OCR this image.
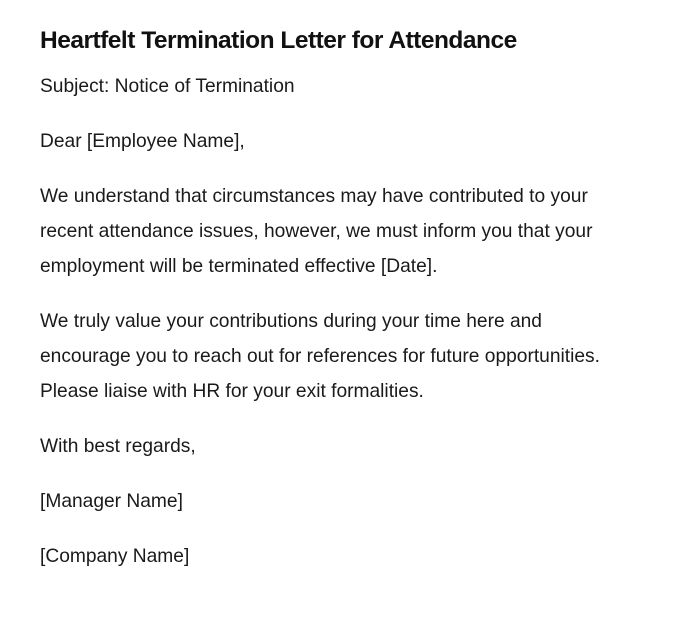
Heartfelt Termination Letter for Attendance

Subject: Notice of Termination

Dear [Employee Name],

We understand that circumstances may have contributed to your recent attendance issues, however, we must inform you that your employment will be terminated effective [Date].

We truly value your contributions during your time here and encourage you to reach out for references for future opportunities. Please liaise with HR for your exit formalities.

With best regards,

[Manager Name]

[Company Name]
